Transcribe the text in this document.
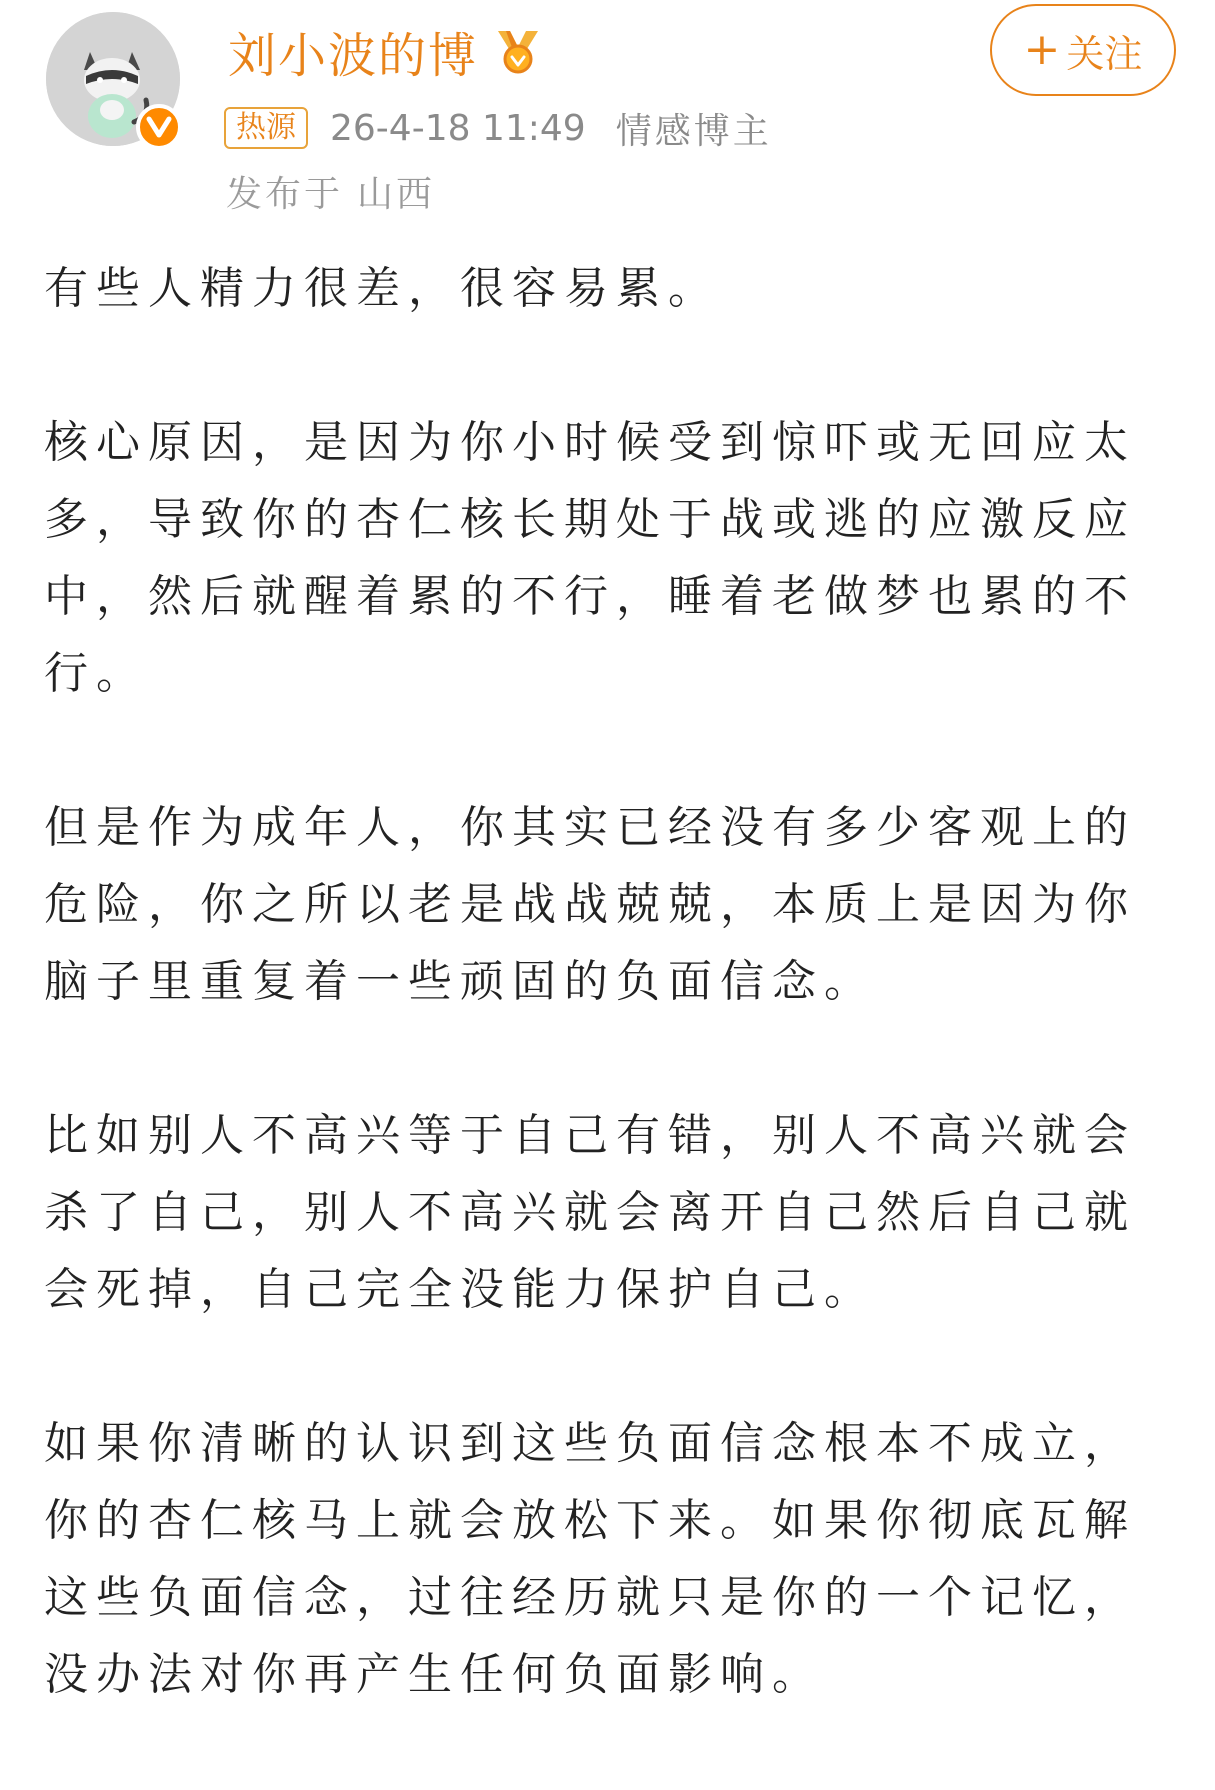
刘小波的博	+ 关注
热源 26-4-18 11:49 情感博主
发布于 山西

有些人精力很差，很容易累。

核心原因，是因为你小时候受到惊吓或无回应太多，导致你的杏仁核长期处于战或逃的应激反应中，然后就醒着累的不行，睡着老做梦也累的不行。

但是作为成年人，你其实已经没有多少客观上的危险，你之所以老是战战兢兢，本质上是因为你脑子里重复着一些顽固的负面信念。

比如别人不高兴等于自己有错，别人不高兴就会杀了自己，别人不高兴就会离开自己然后自己就会死掉，自己完全没能力保护自己。

如果你清晰的认识到这些负面信念根本不成立，你的杏仁核马上就会放松下来。如果你彻底瓦解这些负面信念，过往经历就只是你的一个记忆，没办法对你再产生任何负面影响。
